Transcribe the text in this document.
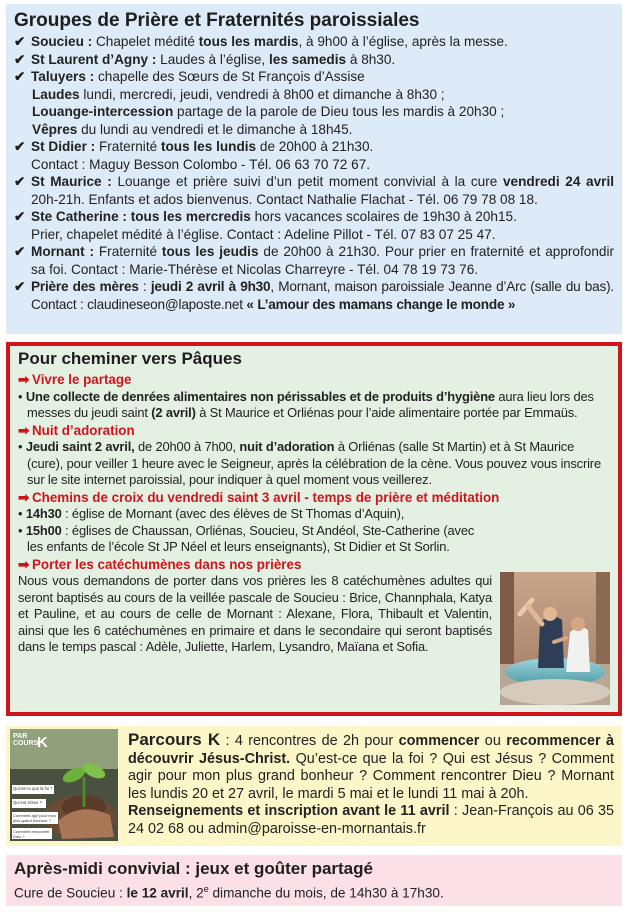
Groupes de Prière et Fraternités paroissiales

✔ Soucieu : Chapelet médité tous les mardis, à 9h00 à l’église, après la messe.

✔ St Laurent d’Agny : Laudes à l’église, les samedis à 8h30.

✔ Taluyers : chapelle des Sœurs de St François d’Assise

Laudes lundi, mercredi, jeudi, vendredi à 8h00 et dimanche à 8h30 ;

Louange-intercession partage de la parole de Dieu tous les mardis à 20h30 ;

Vêpres du lundi au vendredi et le dimanche à 18h45.

✔ St Didier : Fraternité tous les lundis de 20h00 à 21h30.

Contact : Maguy Besson Colombo - Tél. 06 63 70 72 67.

✔ St Maurice : Louange et prière suivi d’un petit moment convivial à la cure vendredi 24 avril 20h-21h. Enfants et ados bienvenus. Contact Nathalie Flachat - Tél. 06 79 78 08 18.

✔ Ste Catherine : tous les mercredis hors vacances scolaires de 19h30 à 20h15.

Prier, chapelet médité à l’église. Contact : Adeline Pillot - Tél. 07 83 07 25 47.

✔ Mornant : Fraternité tous les jeudis de 20h00 à 21h30. Pour prier en fraternité et approfondir sa foi. Contact : Marie-Thérèse et Nicolas Charreyre - Tél. 04 78 19 73 76.

✔ Prière des mères : jeudi 2 avril à 9h30, Mornant, maison paroissiale Jeanne d’Arc (salle du bas). Contact : claudineseon@laposte.net « L’amour des mamans change le monde »

Pour cheminer vers Pâques
➡ Vivre le partage

• Une collecte de denrées alimentaires non périssables et de produits d’hygiène aura lieu lors des messes du jeudi saint (2 avril) à St Maurice et Orliénas pour l’aide alimentaire portée par Emmaüs.

➡ Nuit d’adoration

• Jeudi saint 2 avril, de 20h00 à 7h00, nuit d’adoration à Orliénas (salle St Martin) et à St Maurice (cure), pour veiller 1 heure avec le Seigneur, après la célébration de la cène. Vous pouvez vous inscrire sur le site internet paroissial, pour indiquer à quel moment vous veillerez.

➡ Chemins de croix du vendredi saint 3 avril - temps de prière et méditation

• 14h30 : église de Mornant (avec des élèves de St Thomas d’Aquin),

• 15h00 : églises de Chaussan, Orliénas, Soucieu, St Andéol, Ste-Catherine (avec les enfants de l’école St JP Néel et leurs enseignants), St Didier et St Sorlin.

➡ Porter les catéchumènes dans nos prières

Nous vous demandons de porter dans vos prières les 8 catéchumènes adultes qui seront baptisés au cours de la veillée pascale de Soucieu : Brice, Channphala, Katya et Pauline, et au cours de celle de Mornant : Alexane, Flora, Thibault et Valentin, ainsi que les 6 catéchumènes en primaire et dans le secondaire qui seront baptisés dans le temps pascal : Adèle, Juliette, Harlem, Lysandro, Maïana et Sofia.

PAR
COURS
K
Qu'est-ce que la foi ?
Qui est Jésus ?
Comment agir pour mon plus grand bonheur ?
Comment rencontrer Dieu ?

Parcours K : 4 rencontres de 2h pour commencer ou recommencer à découvrir Jésus-Christ. Qu’est-ce que la foi ? Qui est Jésus ? Comment agir pour mon plus grand bonheur ? Comment rencontrer Dieu ? Mornant les lundis 20 et 27 avril, le mardi 5 mai et le lundi 11 mai à 20h.

Renseignements et inscription avant le 11 avril : Jean-François au 06 35 24 02 68 ou admin@paroisse-en-mornantais.fr

Après-midi convivial : jeux et goûter partagé

Cure de Soucieu : le 12 avril, 2e dimanche du mois, de 14h30 à 17h30.
